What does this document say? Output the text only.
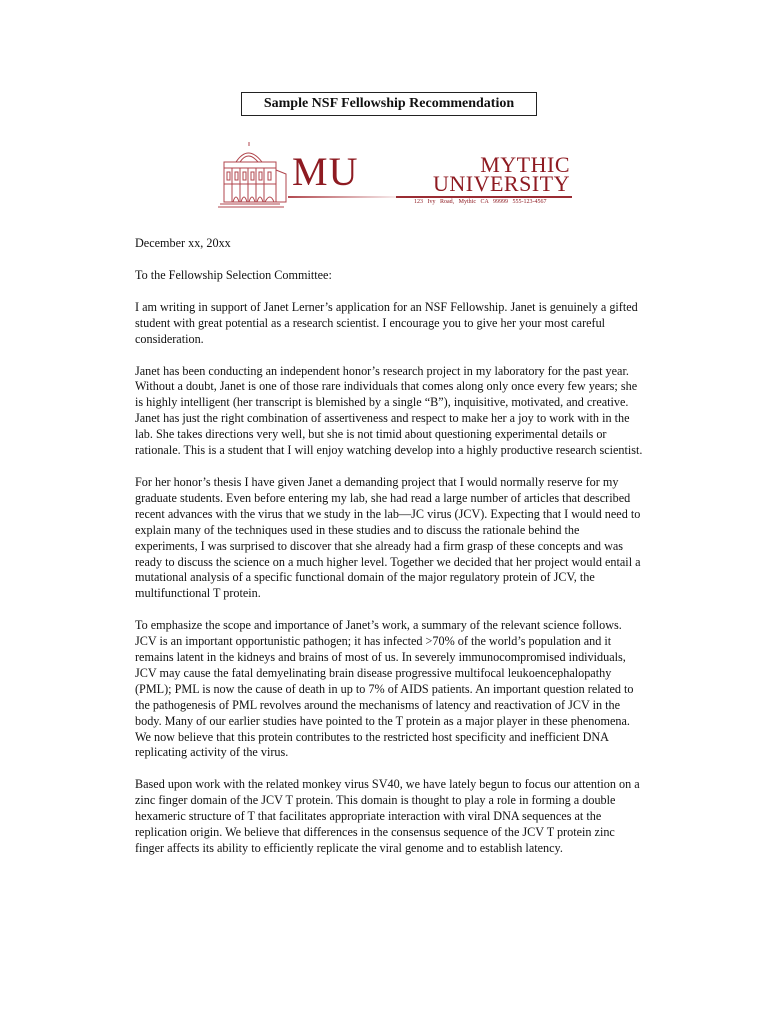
Sample NSF Fellowship Recommendation
MU	MYTHIC
UNIVERSITY
123 Ivy Road, Mythic CA 99999 555-123-4567

December xx, 20xx

To the Fellowship Selection Committee:

I am writing in support of Janet Lerner’s application for an NSF Fellowship. Janet is genuinely a gifted student with great potential as a research scientist. I encourage you to give her your most careful consideration.

Janet has been conducting an independent honor’s research project in my laboratory for the past year. Without a doubt, Janet is one of those rare individuals that comes along only once every few years; she is highly intelligent (her transcript is blemished by a single “B”), inquisitive, motivated, and creative. Janet has just the right combination of assertiveness and respect to make her a joy to work with in the lab. She takes directions very well, but she is not timid about questioning experimental details or rationale. This is a student that I will enjoy watching develop into a highly productive research scientist.

For her honor’s thesis I have given Janet a demanding project that I would normally reserve for my graduate students. Even before entering my lab, she had read a large number of articles that described recent advances with the virus that we study in the lab—JC virus (JCV). Expecting that I would need to explain many of the techniques used in these studies and to discuss the rationale behind the experiments, I was surprised to discover that she already had a firm grasp of these concepts and was ready to discuss the science on a much higher level. Together we decided that her project would entail a mutational analysis of a specific functional domain of the major regulatory protein of JCV, the multifunctional T protein.

To emphasize the scope and importance of Janet’s work, a summary of the relevant science follows. JCV is an important opportunistic pathogen; it has infected >70% of the world’s population and it remains latent in the kidneys and brains of most of us. In severely immunocompromised individuals, JCV may cause the fatal demyelinating brain disease progressive multifocal leukoencephalopathy (PML); PML is now the cause of death in up to 7% of AIDS patients. An important question related to the pathogenesis of PML revolves around the mechanisms of latency and reactivation of JCV in the body. Many of our earlier studies have pointed to the T protein as a major player in these phenomena. We now believe that this protein contributes to the restricted host specificity and inefficient DNA replicating activity of the virus.

Based upon work with the related monkey virus SV40, we have lately begun to focus our attention on a zinc finger domain of the JCV T protein. This domain is thought to play a role in forming a double hexameric structure of T that facilitates appropriate interaction with viral DNA sequences at the replication origin. We believe that differences in the consensus sequence of the JCV T protein zinc finger affects its ability to efficiently replicate the viral genome and to establish latency.
